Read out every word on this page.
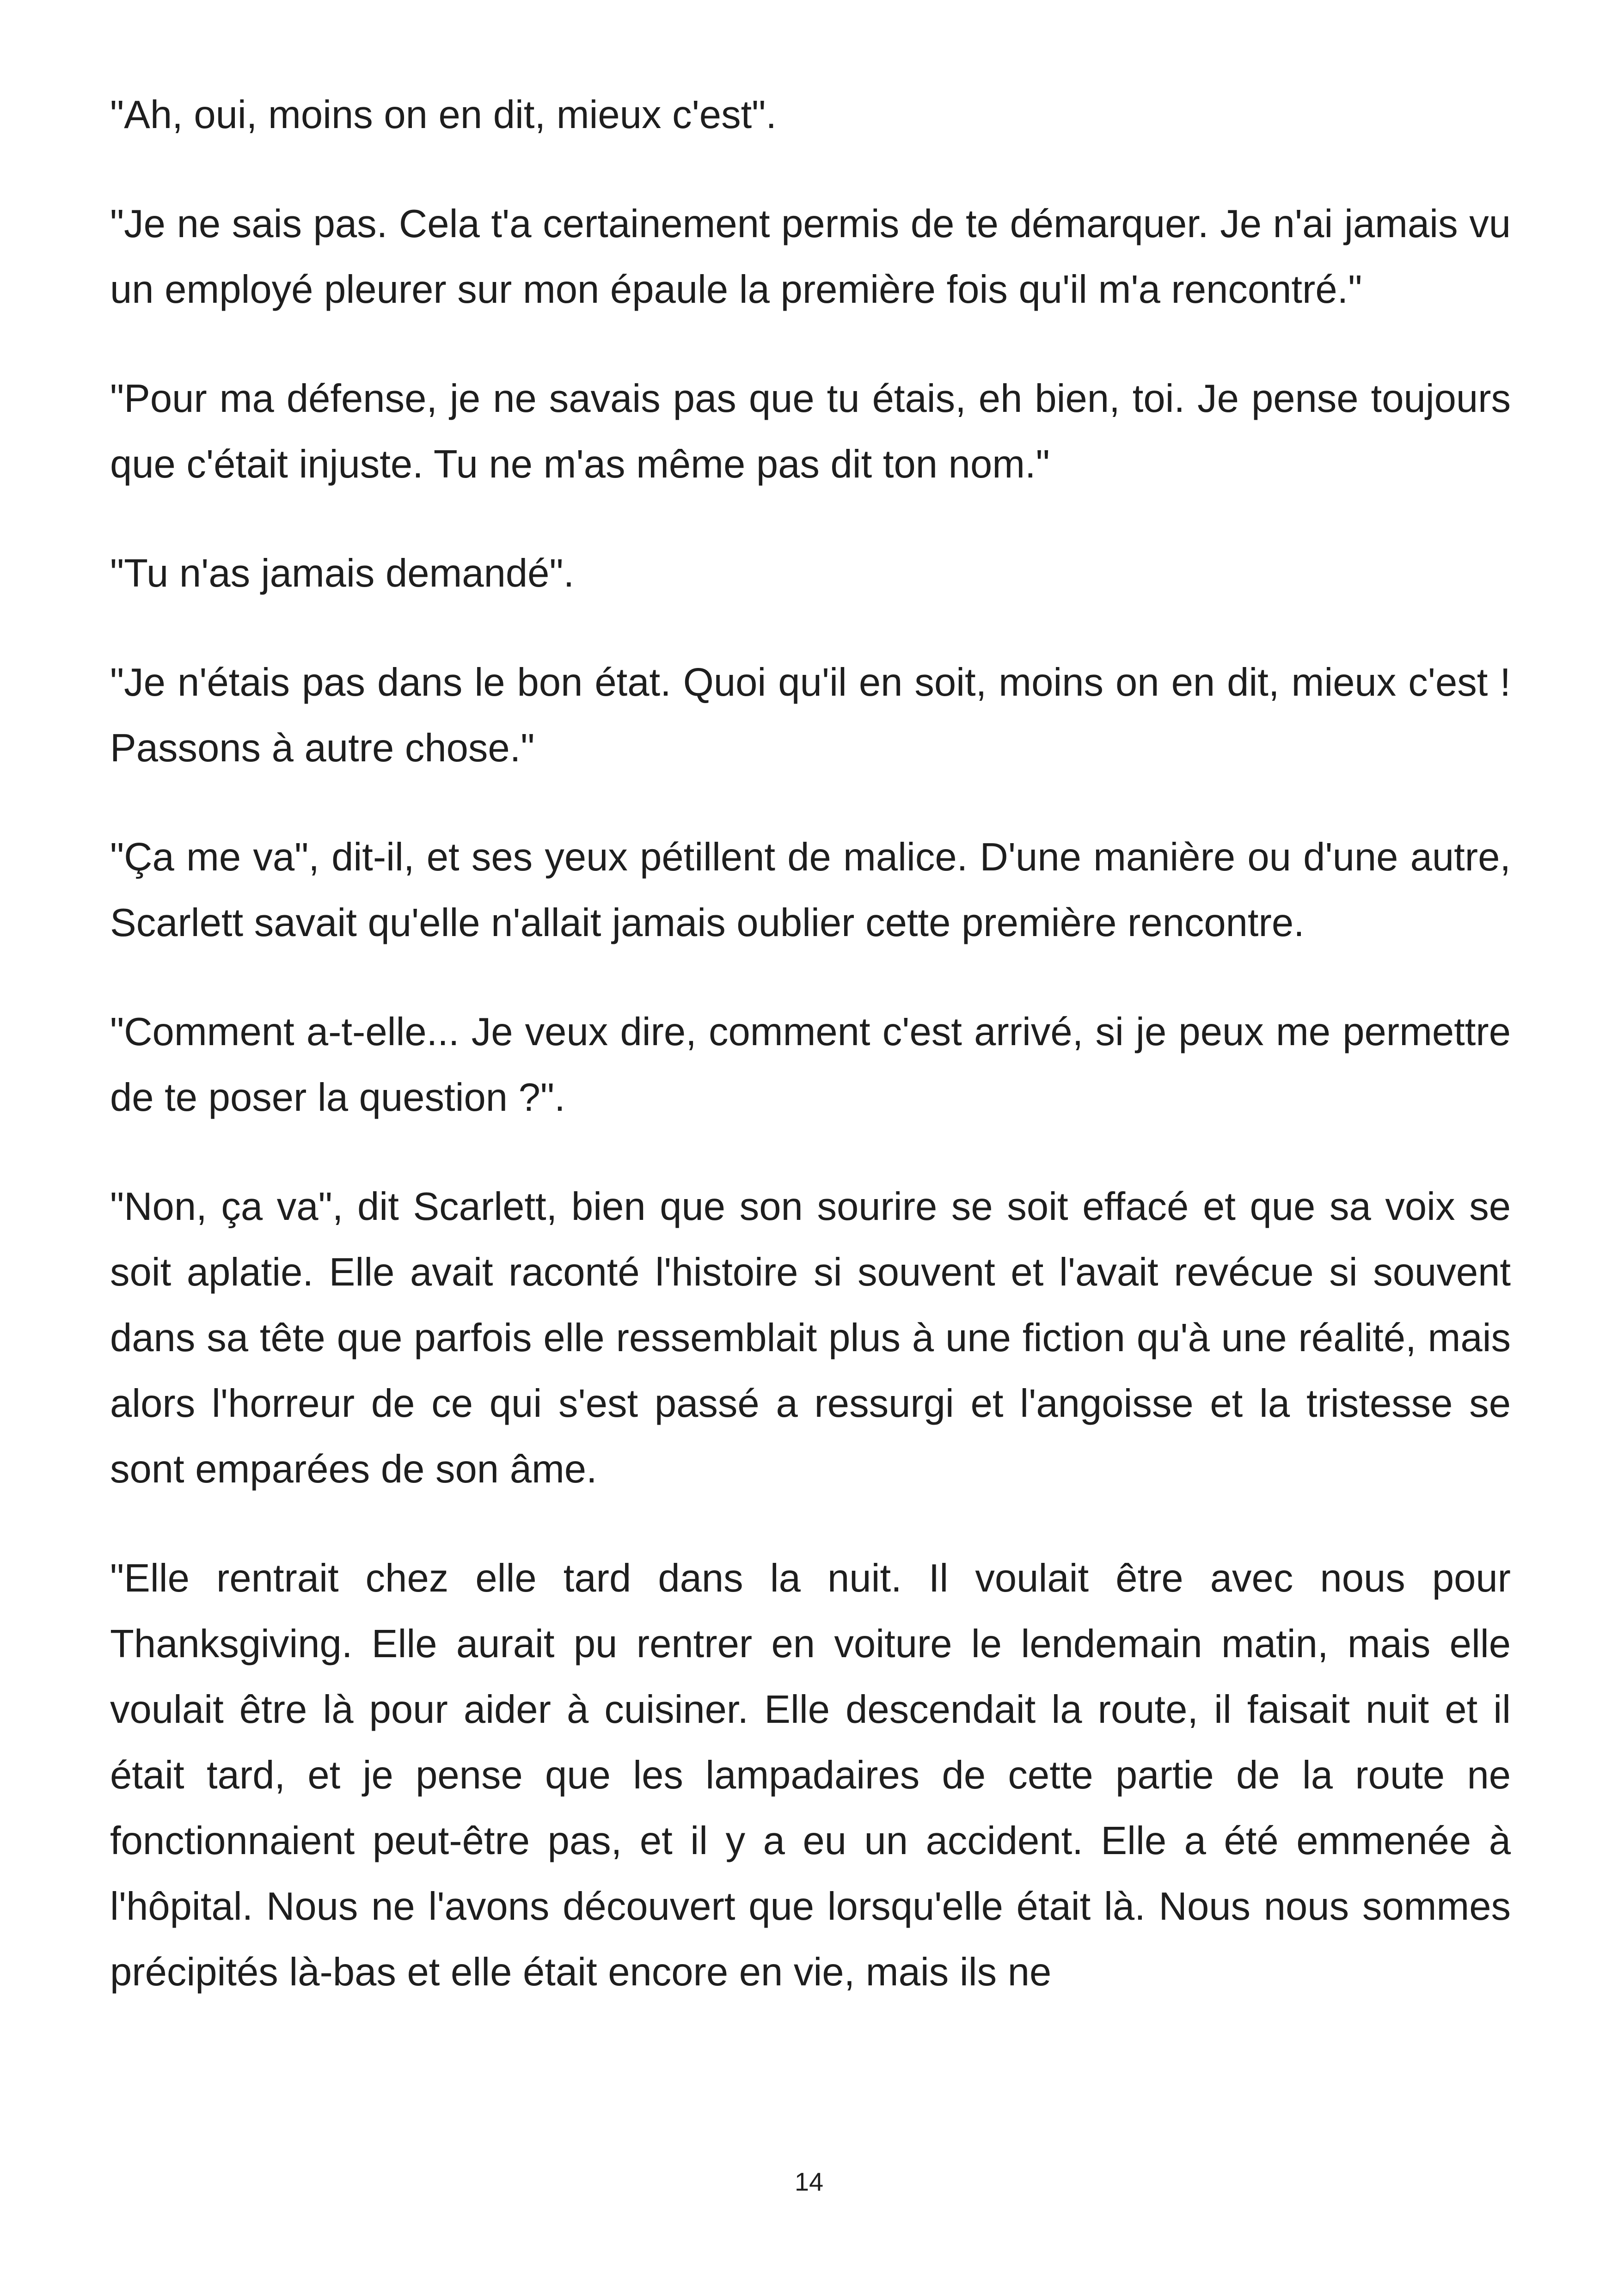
"Ah, oui, moins on en dit, mieux c'est".

"Je ne sais pas. Cela t'a certainement permis de te démarquer. Je n'ai jamais vu un employé pleurer sur mon épaule la première fois qu'il m'a rencontré."

"Pour ma défense, je ne savais pas que tu étais, eh bien, toi. Je pense toujours que c'était injuste. Tu ne m'as même pas dit ton nom."

"Tu n'as jamais demandé".

"Je n'étais pas dans le bon état. Quoi qu'il en soit, moins on en dit, mieux c'est ! Passons à autre chose."

"Ça me va", dit-il, et ses yeux pétillent de malice. D'une manière ou d'une autre, Scarlett savait qu'elle n'allait jamais oublier cette première rencontre.

"Comment a-t-elle... Je veux dire, comment c'est arrivé, si je peux me permettre de te poser la question ?".

"Non, ça va", dit Scarlett, bien que son sourire se soit effacé et que sa voix se soit aplatie. Elle avait raconté l'histoire si souvent et l'avait revécue si souvent dans sa tête que parfois elle ressemblait plus à une fiction qu'à une réalité, mais alors l'horreur de ce qui s'est passé a ressurgi et l'angoisse et la tristesse se sont emparées de son âme.

"Elle rentrait chez elle tard dans la nuit. Il voulait être avec nous pour Thanksgiving. Elle aurait pu rentrer en voiture le lendemain matin, mais elle voulait être là pour aider à cuisiner. Elle descendait la route, il faisait nuit et il était tard, et je pense que les lampadaires de cette partie de la route ne fonctionnaient peut-être pas, et il y a eu un accident. Elle a été emmenée à l'hôpital. Nous ne l'avons découvert que lorsqu'elle était là. Nous nous sommes précipités là-bas et elle était encore en vie, mais ils ne

14
